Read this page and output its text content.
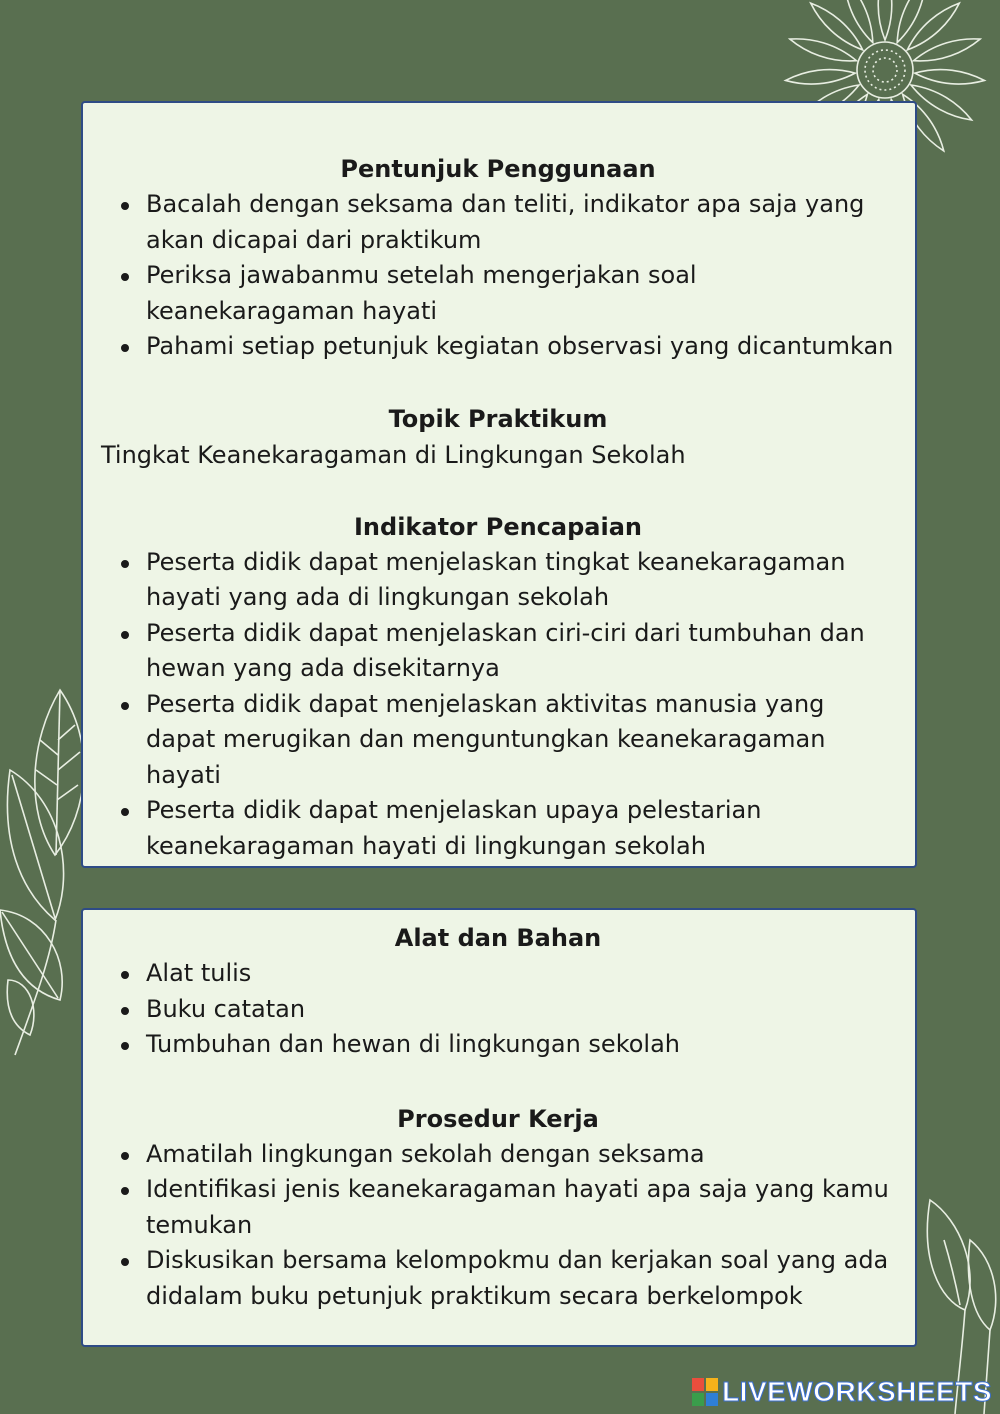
Pentunjuk Penggunaan
Bacalah dengan seksama dan teliti, indikator apa saja yang akan dicapai dari praktikum
Periksa jawabanmu setelah mengerjakan soal keanekaragaman hayati
Pahami setiap petunjuk kegiatan observasi yang dicantumkan
Topik Praktikum

Tingkat Keanekaragaman di Lingkungan Sekolah

Indikator Pencapaian
Peserta didik dapat menjelaskan tingkat keanekaragaman hayati yang ada di lingkungan sekolah
Peserta didik dapat menjelaskan ciri-ciri dari tumbuhan dan hewan yang ada disekitarnya
Peserta didik dapat menjelaskan aktivitas manusia yang dapat merugikan dan menguntungkan keanekaragaman hayati
Peserta didik dapat menjelaskan upaya pelestarian keanekaragaman hayati di lingkungan sekolah
Alat dan Bahan
Alat tulis
Buku catatan
Tumbuhan dan hewan di lingkungan sekolah
Prosedur Kerja
Amatilah lingkungan sekolah dengan seksama
Identifikasi jenis keanekaragaman hayati apa saja yang kamu temukan
Diskusikan bersama kelompokmu dan kerjakan soal yang ada didalam buku petunjuk praktikum secara berkelompok
LIVEWORKSHEETS
